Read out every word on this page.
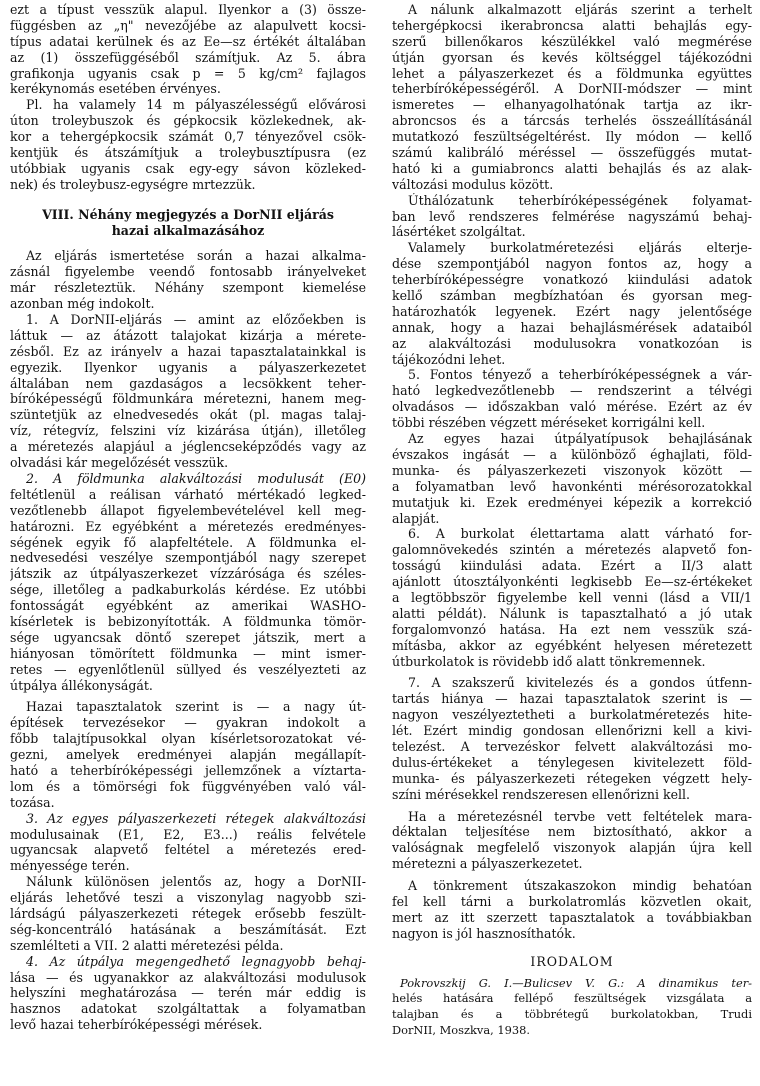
ezt a típust vesszük alapul. Ilyenkor a (3) össze-
függésben az „η" nevezőjébe az alapulvett kocsi-
típus adatai kerülnek és az Ee—sz értékét általában
az (1) összefüggéséből számítjuk. Az 5. ábra
grafikonja ugyanis csak p = 5 kg/cm² fajlagos
kerékynomás esetében érvényes.
Pl. ha valamely 14 m pályaszélességű elővárosi
úton troleybuszok és gépkocsik közlekednek, ak-
kor a tehergépkocsik számát 0,7 tényezővel csök-
kentjük és átszámítjuk a troleybusztípusra (ez
utóbbiak ugyanis csak egy-egy sávon közleked-
nek) és troleybusz-egységre mrtezzük.
VIII. Néhány megjegyzés a DorNII eljárás
hazai alkalmazásához
Az eljárás ismertetése során a hazai alkalma-
zásnál figyelembe veendő fontosabb irányelveket
már részleteztük. Néhány szempont kiemelése
azonban még indokolt.
1. A DorNII-eljárás — amint az előzőekben is
láttuk — az átázott talajokat kizárja a mérete-
zésből. Ez az irányelv a hazai tapasztalatainkkal is
egyezik. Ilyenkor ugyanis a pályaszerkezetet
általában nem gazdaságos a lecsökkent teher-
bíróképességű földmunkára méretezni, hanem meg-
szüntetjük az elnedvesedés okát (pl. magas talaj-
víz, rétegvíz, felszini víz kizárása útján), illetőleg
a méretezés alapjául a jéglencseképződés vagy az
olvadási kár megelőzését vesszük.
2. A földmunka alakváltozási modulusát (E0)
feltétlenül a reálisan várható mértékadó legked-
vezőtlenebb állapot figyelembevételével kell meg-
határozni. Ez egyébként a méretezés eredményes-
ségének egyik fő alapfeltétele. A földmunka el-
nedvesedési veszélye szempontjából nagy szerepet
játszik az útpályaszerkezet vízzárósága és széles-
sége, illetőleg a padkaburkolás kérdése. Ez utóbbi
fontosságát egyébként az amerikai WASHO-
kísérletek is bebizonyították. A földmunka tömör-
sége ugyancsak döntő szerepet játszik, mert a
hiányosan tömörített földmunka — mint ismer-
retes — egyenlőtlenül süllyed és veszélyezteti az
útpálya állékonyságát.
Hazai tapasztalatok szerint is — a nagy út-
építések tervezésekor — gyakran indokolt a
főbb talajtípusokkal olyan kísérletsorozatokat vé-
gezni, amelyek eredményei alapján megállapít-
ható a teherbíróképességi jellemzőnek a víztarta-
lom és a tömörségi fok függvényében való vál-
tozása.
3. Az egyes pályaszerkezeti rétegek alakváltozási
modulusainak (E1, E2, E3...) reális felvétele
ugyancsak alapvető feltétel a méretezés ered-
ményessége terén.
Nálunk különösen jelentős az, hogy a DorNII-
eljárás lehetővé teszi a viszonylag nagyobb szi-
lárdságú pályaszerkezeti rétegek erősebb feszült-
ség-koncentráló hatásának a beszámítását. Ezt
szemlélteti a VII. 2 alatti méretezési példa.
4. Az útpálya megengedhető legnagyobb behaj-
lása — és ugyanakkor az alakváltozási modulusok
helyszíni meghatározása — terén már eddig is
hasznos adatokat szolgáltattak a folyamatban
levő hazai teherbíróképességi mérések.
A nálunk alkalmazott eljárás szerint a terhelt
tehergépkocsi ikerabroncsa alatti behajlás egy-
szerű billenőkaros készülékkel való megmérése
útján gyorsan és kevés költséggel tájékozódni
lehet a pályaszerkezet és a földmunka együttes
teherbíróképességéről. A DorNII-módszer — mint
ismeretes — elhanyagolhatónak tartja az ikr-
abroncsos és a tárcsás terhelés összeállításánál
mutatkozó feszültségeltérést. Ily módon — kellő
számú kalibráló méréssel — összefüggés mutat-
ható ki a gumiabroncs alatti behajlás és az alak-
változási modulus között.
Úthálózatunk teherbíróképességének folyamat-
ban levő rendszeres felmérése nagyszámú behaj-
lásértéket szolgáltat.
Valamely burkolatméretezési eljárás elterje-
dése szempontjából nagyon fontos az, hogy a
teherbíróképességre vonatkozó kiindulási adatok
kellő számban megbízhatóan és gyorsan meg-
határozhatók legyenek. Ezért nagy jelentősége
annak, hogy a hazai behajlásmérések adataiból
az alakváltozási modulusokra vonatkozóan is
tájékozódni lehet.
5. Fontos tényező a teherbíróképességnek a vár-
ható legkedvezőtlenebb — rendszerint a télvégi
olvadásos — időszakban való mérése. Ezért az év
többi részében végzett méréseket korrigálni kell.
Az egyes hazai útpályatípusok behajlásának
évszakos ingását — a különböző éghajlati, föld-
munka- és pályaszerkezeti viszonyok között —
a folyamatban levő havonkénti mérésorozatokkal
mutatjuk ki. Ezek eredményei képezik a korrekció
alapját.
6. A burkolat élettartama alatt várható for-
galomnövekedés szintén a méretezés alapvető fon-
tosságú kiindulási adata. Ezért a II/3 alatt
ajánlott útosztályonkénti legkisebb Ee—sz-értékeket
a legtöbbször figyelembe kell venni (lásd a VII/1
alatti példát). Nálunk is tapasztalható a jó utak
forgalomvonzó hatása. Ha ezt nem vesszük szá-
mításba, akkor az egyébként helyesen méretezett
útburkolatok is rövidebb idő alatt tönkremennek.
7. A szakszerű kivitelezés és a gondos útfenn-
tartás hiánya — hazai tapasztalatok szerint is —
nagyon veszélyeztetheti a burkolatméretezés hite-
lét. Ezért mindig gondosan ellenőrizni kell a kivi-
telezést. A tervezéskor felvett alakváltozási mo-
dulus-értékeket a ténylegesen kivitelezett föld-
munka- és pályaszerkezeti rétegeken végzett hely-
színi mérésekkel rendszeresen ellenőrizni kell.
Ha a méretezésnél tervbe vett feltételek mara-
déktalan teljesítése nem biztosítható, akkor a
valóságnak megfelelő viszonyok alapján újra kell
méretezni a pályaszerkezetet.
A tönkrement útszakaszokon mindig behatóan
fel kell tárni a burkolatromlás közvetlen okait,
mert az itt szerzett tapasztalatok a továbbiakban
nagyon is jól hasznosíthatók.
IRODALOM
Pokrovszkij G. I.—Bulicsev V. G.: A dinamikus ter-
helés hatására fellépő feszültségek vizsgálata a
talajban és a többrétegű burkolatokban, Trudi
DorNII, Moszkva, 1938.
